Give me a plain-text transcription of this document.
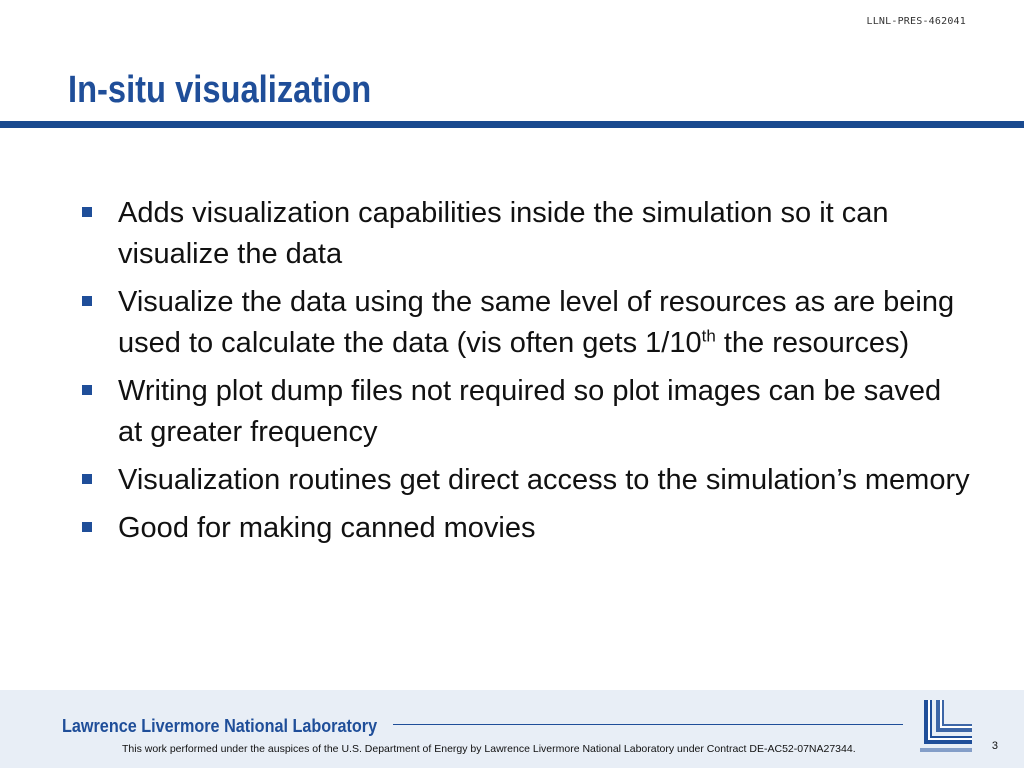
LLNL-PRES-462041
In-situ visualization
Adds visualization capabilities inside the simulation so it can visualize the data
Visualize the data using the same level of resources as are being used to calculate the data (vis often gets 1/10th the resources)
Writing plot dump files not required so plot images can be saved at greater frequency
Visualization routines get direct access to the simulation’s memory
Good for making canned movies
Lawrence Livermore National Laboratory
This work performed under the auspices of the U.S. Department of Energy by Lawrence Livermore National Laboratory under Contract DE-AC52-07NA27344.	3
